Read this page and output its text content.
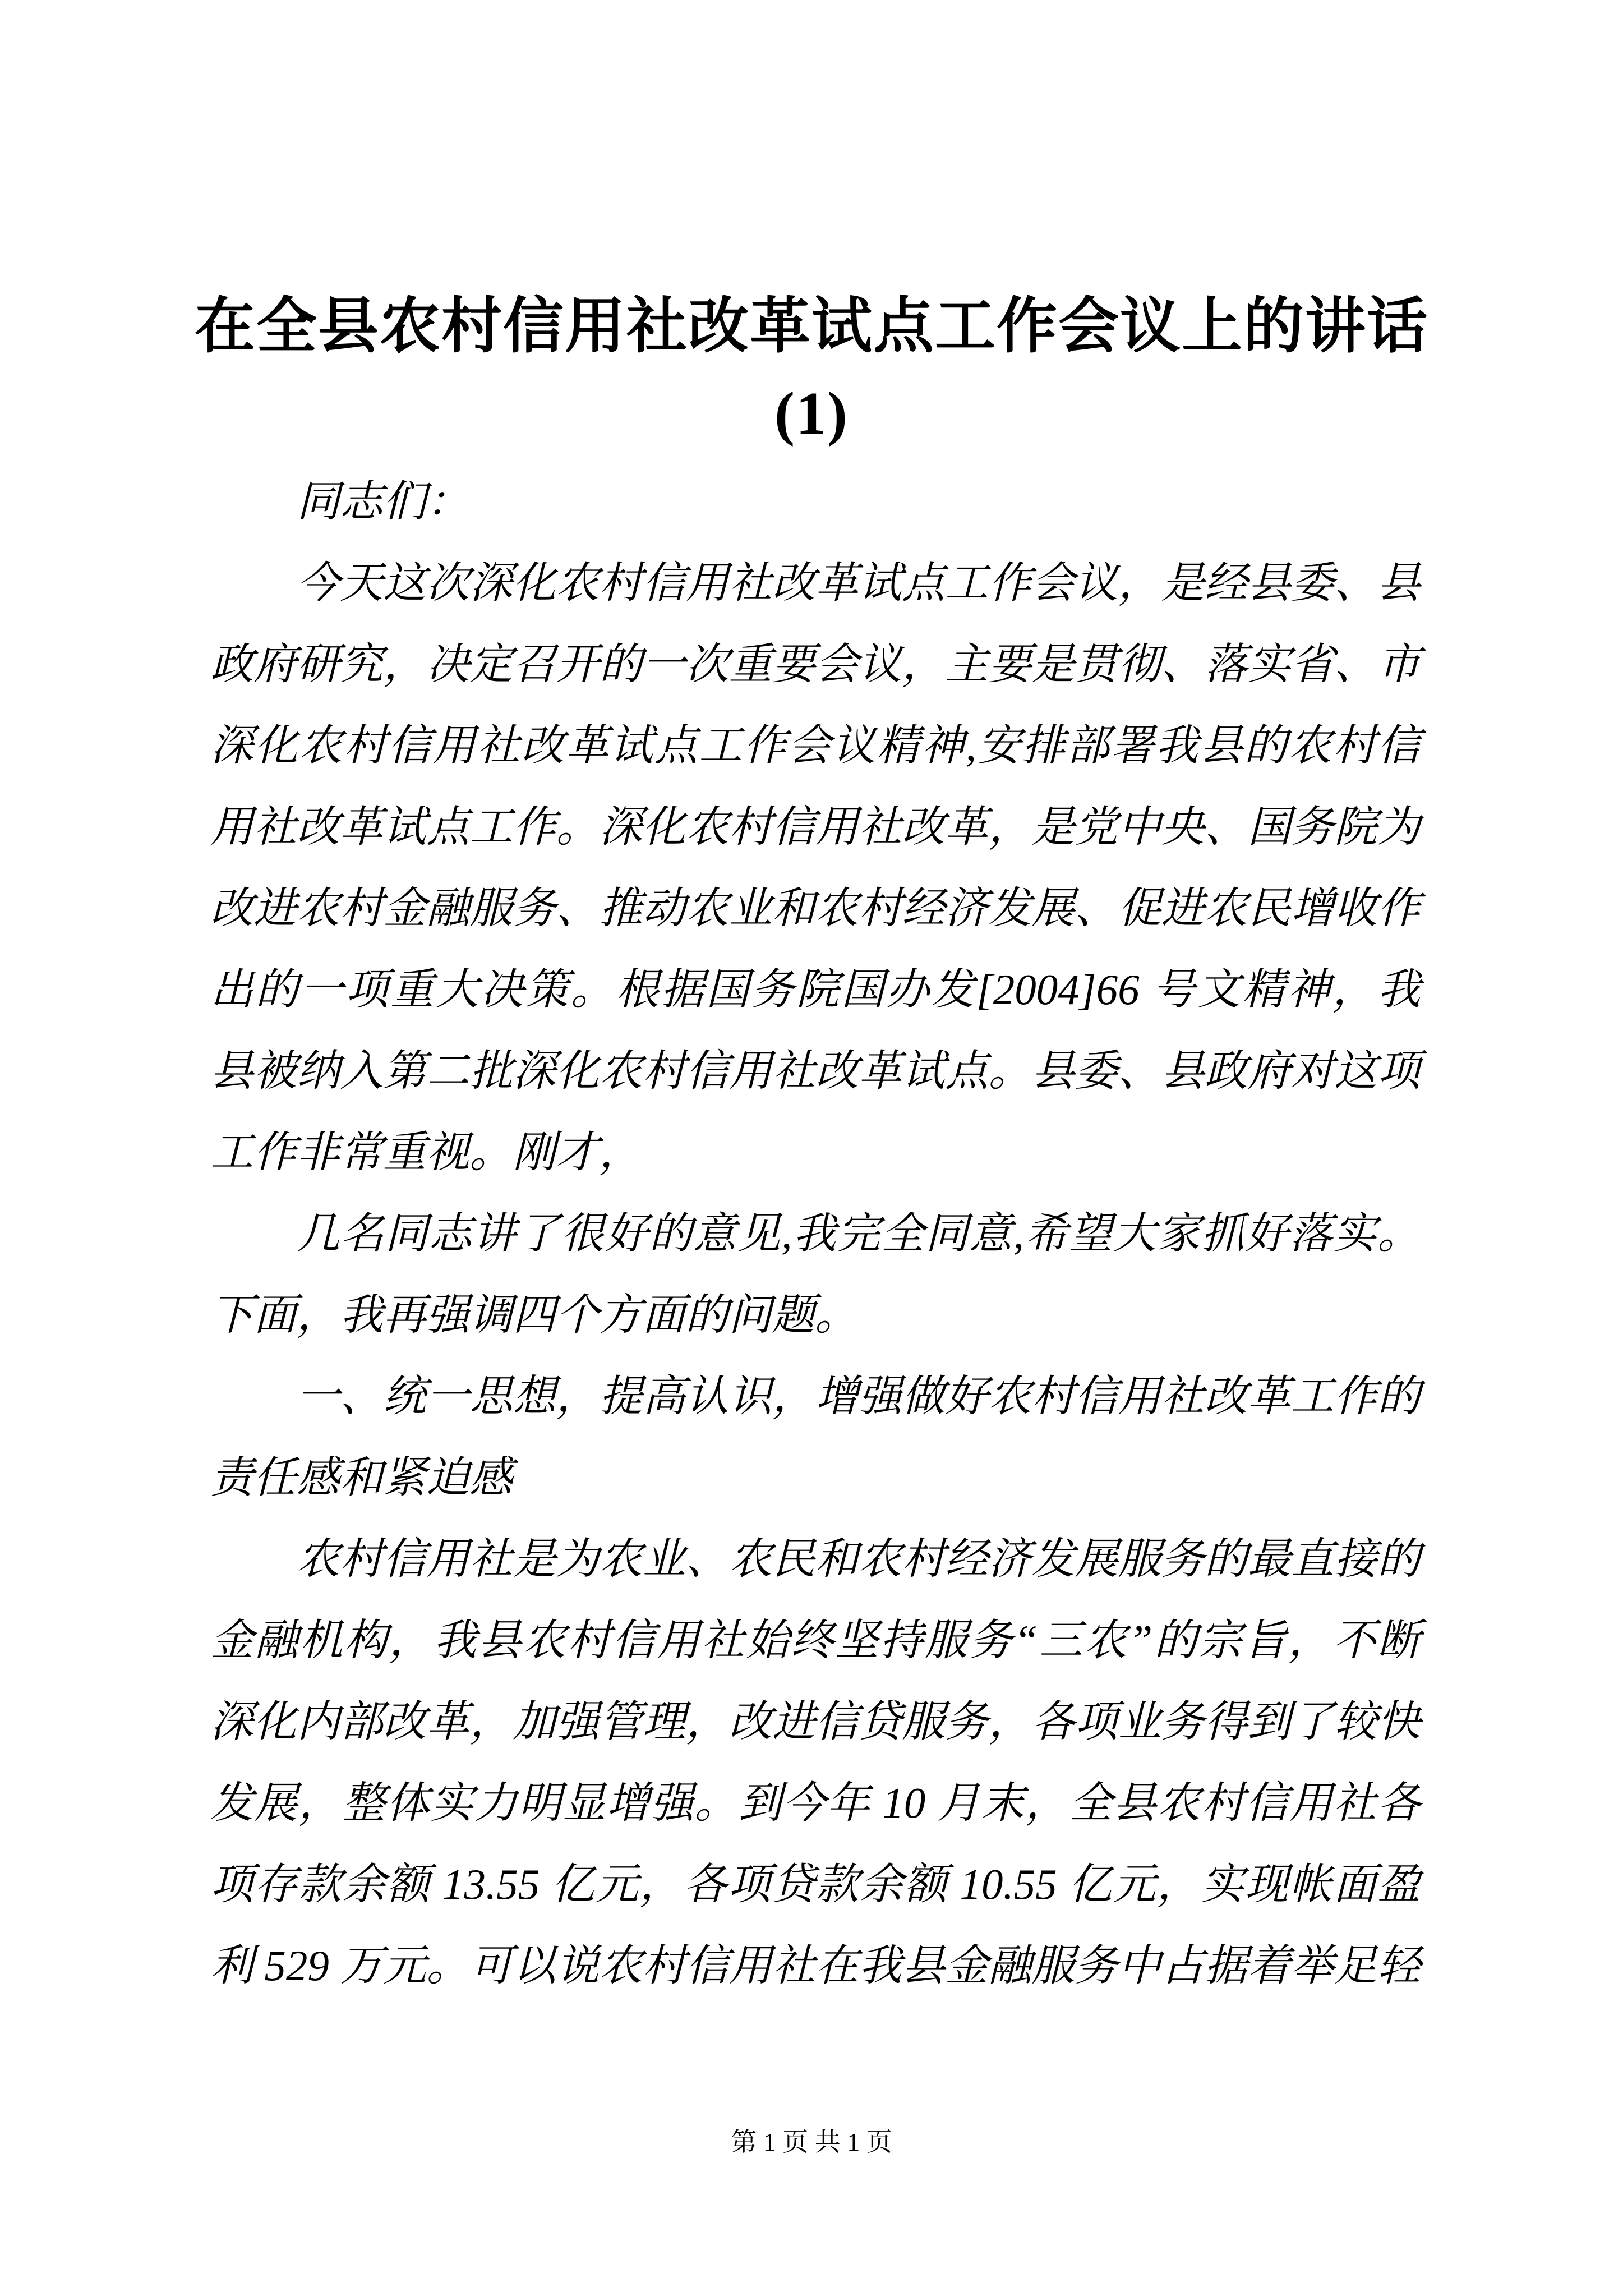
在全县农村信用社改革试点工作会议上的讲话
(1)
同志们：
今天这次深化农村信用社改革试点工作会议，是经县委、县
政府研究，决定召开的一次重要会议，主要是贯彻、落实省、市
深化农村信用社改革试点工作会议精神,安排部署我县的农村信
用社改革试点工作。深化农村信用社改革，是党中央、国务院为
改进农村金融服务、推动农业和农村经济发展、促进农民增收作
出的一项重大决策。根据国务院国办发[2004]66 号文精神，我
县被纳入第二批深化农村信用社改革试点。县委、县政府对这项
工作非常重视。刚才，
几名同志讲了很好的意见,我完全同意,希望大家抓好落实。
下面，我再强调四个方面的问题。
一、统一思想，提高认识，增强做好农村信用社改革工作的
责任感和紧迫感
农村信用社是为农业、农民和农村经济发展服务的最直接的
金融机构，我县农村信用社始终坚持服务“三农”的宗旨，不断
深化内部改革，加强管理，改进信贷服务，各项业务得到了较快
发展，整体实力明显增强。到今年 10 月末，全县农村信用社各
项存款余额 13.55 亿元，各项贷款余额 10.55 亿元，实现帐面盈
利 529 万元。可以说农村信用社在我县金融服务中占据着举足轻
第 1 页 共 1 页
